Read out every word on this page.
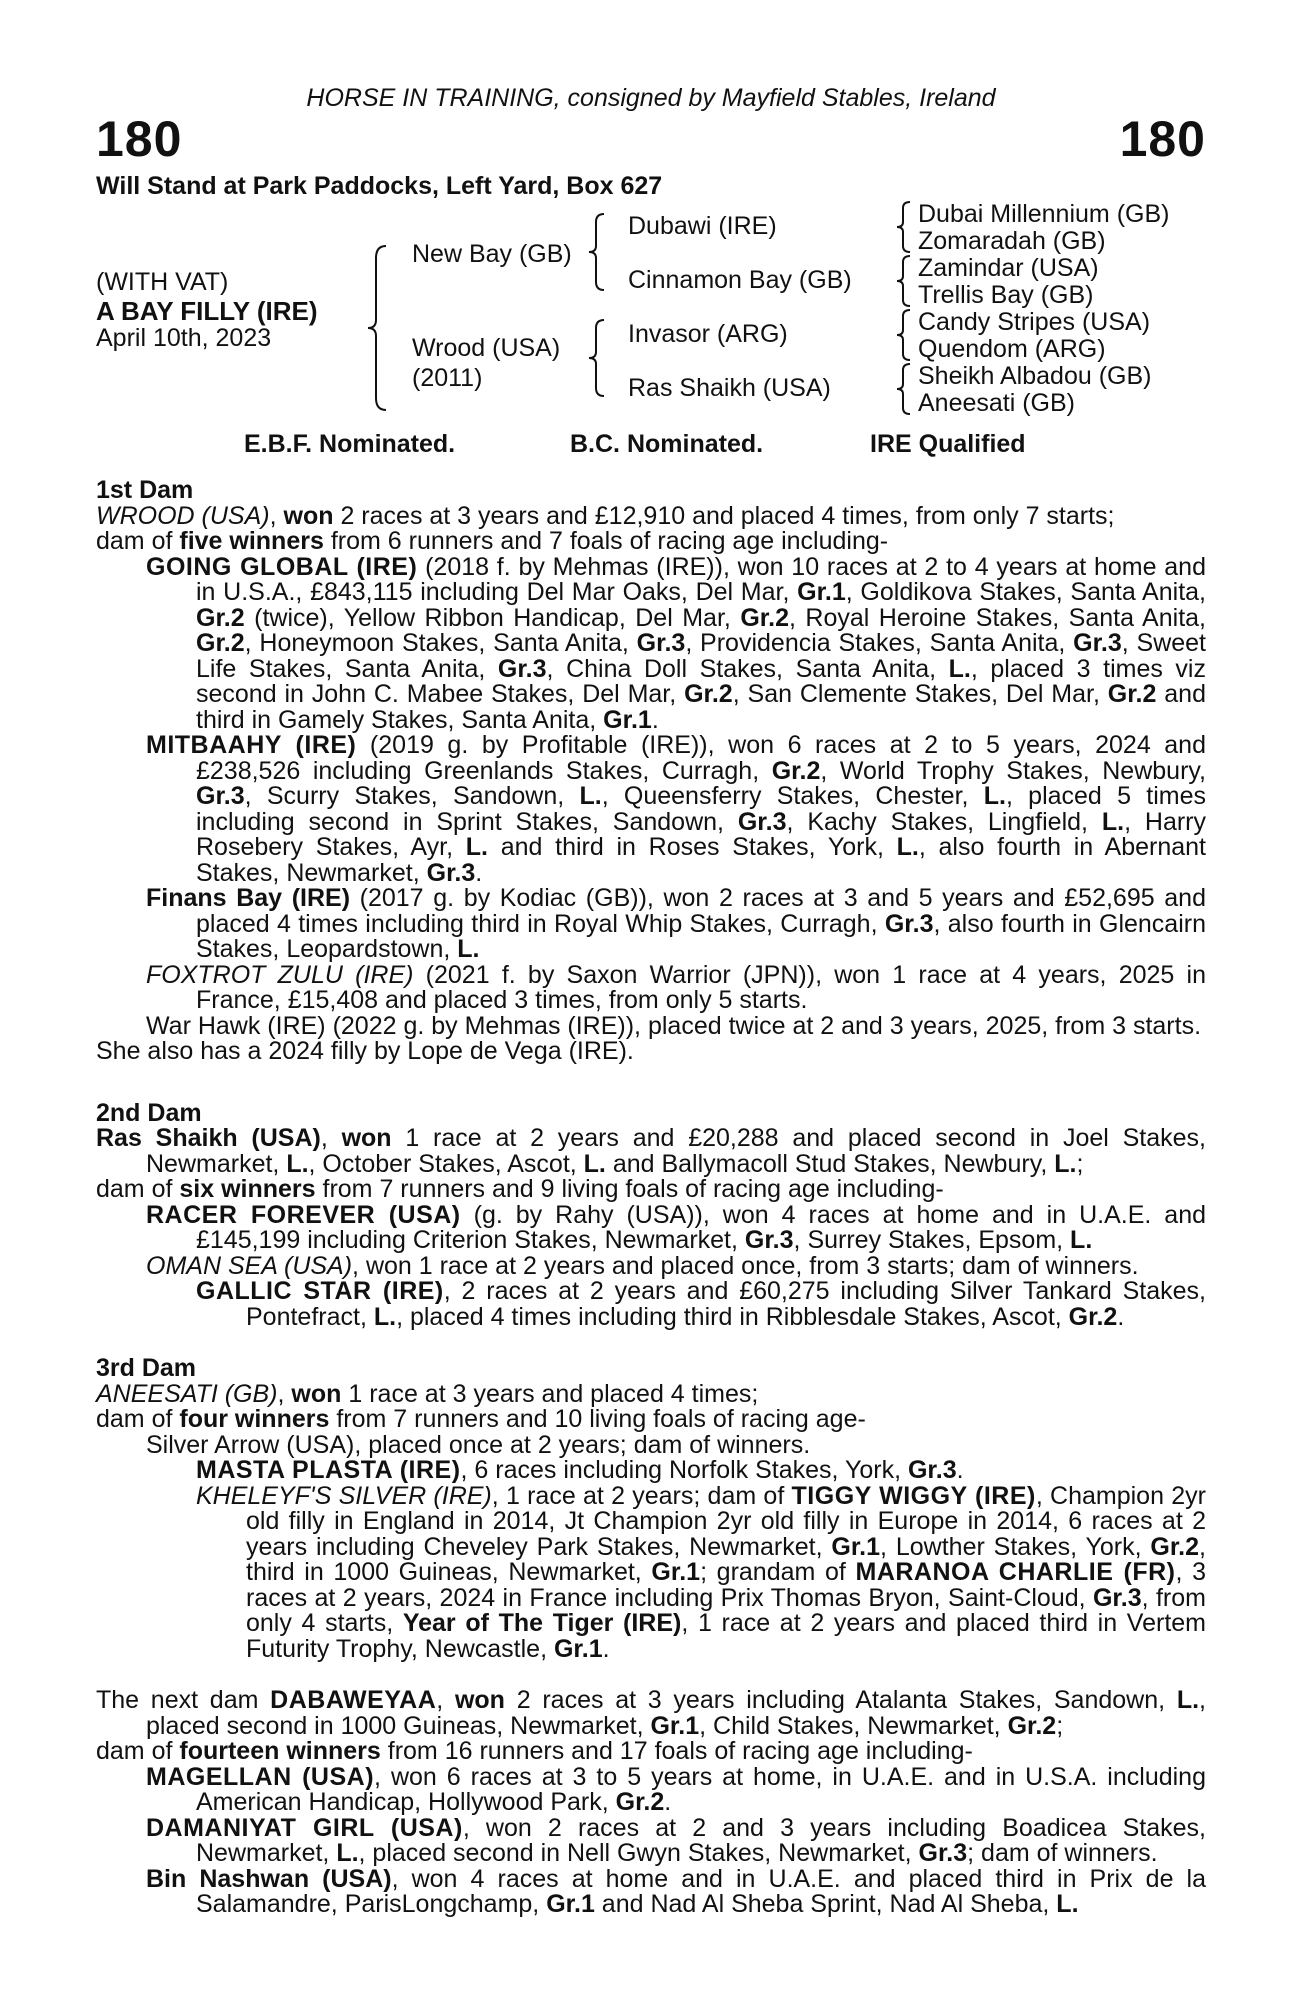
HORSE IN TRAINING, consigned by Mayfield Stables, Ireland
180	180
Will Stand at Park Paddocks, Left Yard, Box 627
(WITH VAT)
A BAY FILLY (IRE)
April 10th, 2023
New Bay (GB)
Wrood (USA)
(2011)
Dubawi (IRE)
Cinnamon Bay (GB)
Invasor (ARG)
Ras Shaikh (USA)
Dubai Millennium (GB)
Zomaradah (GB)
Zamindar (USA)
Trellis Bay (GB)
Candy Stripes (USA)
Quendom (ARG)
Sheikh Albadou (GB)
Aneesati (GB)
E.B.F. Nominated.	B.C. Nominated.	IRE Qualified
1st Dam
WROOD (USA), won 2 races at 3 years and £12,910 and placed 4 times, from only 7 starts;
dam of five winners from 6 runners and 7 foals of racing age including-
GOING GLOBAL (IRE) (2018 f. by Mehmas (IRE)), won 10 races at 2 to 4 years at home and in U.S.A., £843,115 including Del Mar Oaks, Del Mar, Gr.1, Goldikova Stakes, Santa Anita, Gr.2 (twice), Yellow Ribbon Handicap, Del Mar, Gr.2, Royal Heroine Stakes, Santa Anita, Gr.2, Honeymoon Stakes, Santa Anita, Gr.3, Providencia Stakes, Santa Anita, Gr.3, Sweet Life Stakes, Santa Anita, Gr.3, China Doll Stakes, Santa Anita, L., placed 3 times viz second in John C. Mabee Stakes, Del Mar, Gr.2, San Clemente Stakes, Del Mar, Gr.2 and third in Gamely Stakes, Santa Anita, Gr.1.
MITBAAHY (IRE) (2019 g. by Profitable (IRE)), won 6 races at 2 to 5 years, 2024 and £238,526 including Greenlands Stakes, Curragh, Gr.2, World Trophy Stakes, Newbury, Gr.3, Scurry Stakes, Sandown, L., Queensferry Stakes, Chester, L., placed 5 times including second in Sprint Stakes, Sandown, Gr.3, Kachy Stakes, Lingfield, L., Harry Rosebery Stakes, Ayr, L. and third in Roses Stakes, York, L., also fourth in Abernant Stakes, Newmarket, Gr.3.
Finans Bay (IRE) (2017 g. by Kodiac (GB)), won 2 races at 3 and 5 years and £52,695 and placed 4 times including third in Royal Whip Stakes, Curragh, Gr.3, also fourth in Glencairn Stakes, Leopardstown, L.
FOXTROT ZULU (IRE) (2021 f. by Saxon Warrior (JPN)), won 1 race at 4 years, 2025 in France, £15,408 and placed 3 times, from only 5 starts.
War Hawk (IRE) (2022 g. by Mehmas (IRE)), placed twice at 2 and 3 years, 2025, from 3 starts.
She also has a 2024 filly by Lope de Vega (IRE).
2nd Dam
Ras Shaikh (USA), won 1 race at 2 years and £20,288 and placed second in Joel Stakes, Newmarket, L., October Stakes, Ascot, L. and Ballymacoll Stud Stakes, Newbury, L.;
dam of six winners from 7 runners and 9 living foals of racing age including-
RACER FOREVER (USA) (g. by Rahy (USA)), won 4 races at home and in U.A.E. and £145,199 including Criterion Stakes, Newmarket, Gr.3, Surrey Stakes, Epsom, L.
OMAN SEA (USA), won 1 race at 2 years and placed once, from 3 starts; dam of winners.
GALLIC STAR (IRE), 2 races at 2 years and £60,275 including Silver Tankard Stakes, Pontefract, L., placed 4 times including third in Ribblesdale Stakes, Ascot, Gr.2.
3rd Dam
ANEESATI (GB), won 1 race at 3 years and placed 4 times;
dam of four winners from 7 runners and 10 living foals of racing age-
Silver Arrow (USA), placed once at 2 years; dam of winners.
MASTA PLASTA (IRE), 6 races including Norfolk Stakes, York, Gr.3.
KHELEYF'S SILVER (IRE), 1 race at 2 years; dam of TIGGY WIGGY (IRE), Champion 2yr old filly in England in 2014, Jt Champion 2yr old filly in Europe in 2014, 6 races at 2 years including Cheveley Park Stakes, Newmarket, Gr.1, Lowther Stakes, York, Gr.2, third in 1000 Guineas, Newmarket, Gr.1; grandam of MARANOA CHARLIE (FR), 3 races at 2 years, 2024 in France including Prix Thomas Bryon, Saint-Cloud, Gr.3, from only 4 starts, Year of The Tiger (IRE), 1 race at 2 years and placed third in Vertem Futurity Trophy, Newcastle, Gr.1.
The next dam DABAWEYAA, won 2 races at 3 years including Atalanta Stakes, Sandown, L., placed second in 1000 Guineas, Newmarket, Gr.1, Child Stakes, Newmarket, Gr.2;
dam of fourteen winners from 16 runners and 17 foals of racing age including-
MAGELLAN (USA), won 6 races at 3 to 5 years at home, in U.A.E. and in U.S.A. including American Handicap, Hollywood Park, Gr.2.
DAMANIYAT GIRL (USA), won 2 races at 2 and 3 years including Boadicea Stakes, Newmarket, L., placed second in Nell Gwyn Stakes, Newmarket, Gr.3; dam of winners.
Bin Nashwan (USA), won 4 races at home and in U.A.E. and placed third in Prix de la Salamandre, ParisLongchamp, Gr.1 and Nad Al Sheba Sprint, Nad Al Sheba, L.
